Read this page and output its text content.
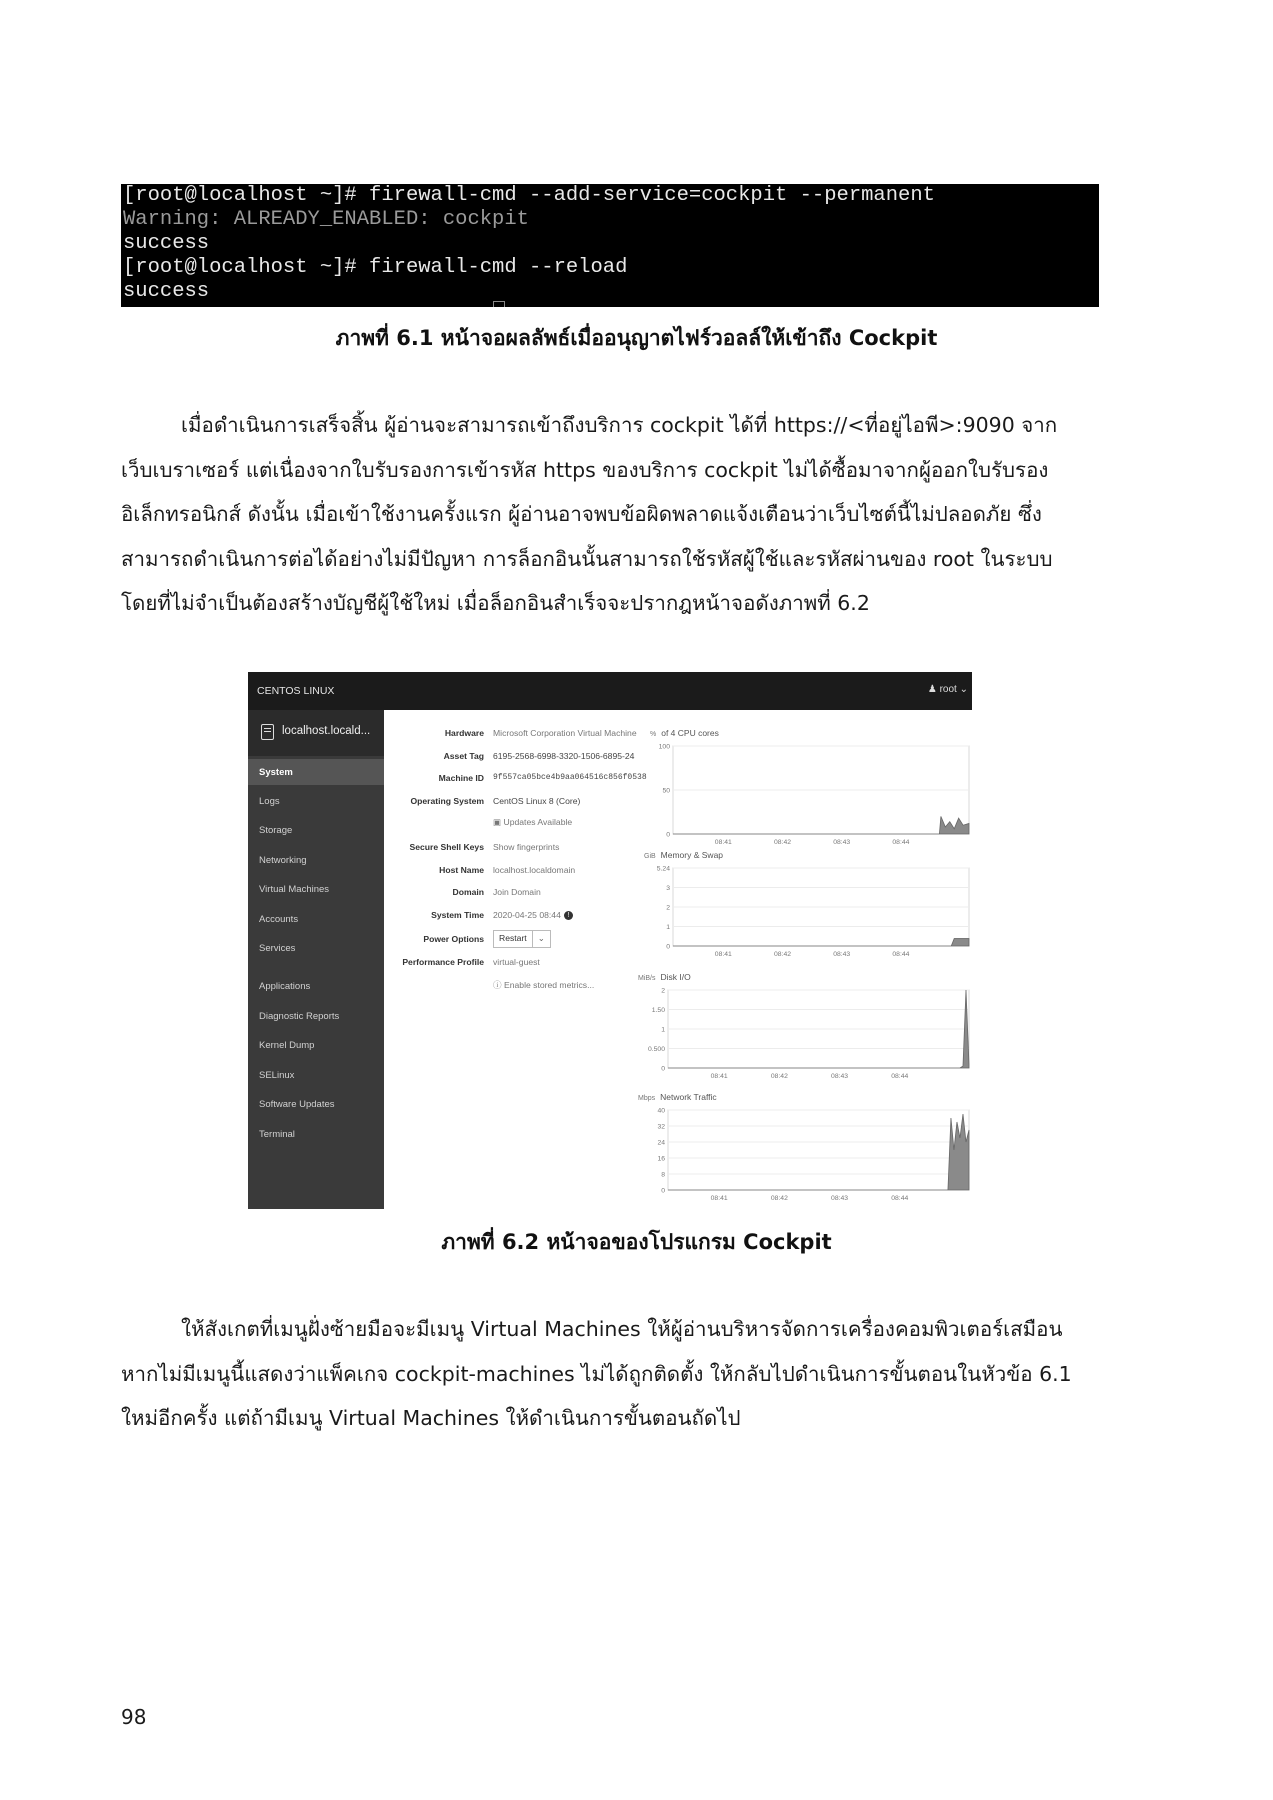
[root@localhost ~]# firewall-cmd --add-service=cockpit --permanent
Warning: ALREADY_ENABLED: cockpit
success
[root@localhost ~]# firewall-cmd --reload
success
ภาพที่ 6.1 หน้าจอผลลัพธ์เมื่ออนุญาตไฟร์วอลล์ให้เข้าถึง Cockpit
เมื่อดำเนินการเสร็จสิ้น ผู้อ่านจะสามารถเข้าถึงบริการ cockpit ได้ที่ https://<ที่อยู่ไอพี>:9090 จาก
เว็บเบราเซอร์ แต่เนื่องจากใบรับรองการเข้ารหัส https ของบริการ cockpit ไม่ได้ซื้อมาจากผู้ออกใบรับรอง
อิเล็กทรอนิกส์ ดังนั้น เมื่อเข้าใช้งานครั้งแรก ผู้อ่านอาจพบข้อผิดพลาดแจ้งเตือนว่าเว็บไซต์นี้ไม่ปลอดภัย ซึ่ง
สามารถดำเนินการต่อได้อย่างไม่มีปัญหา การล็อกอินนั้นสามารถใช้รหัสผู้ใช้และรหัสผ่านของ root ในระบบ
โดยที่ไม่จำเป็นต้องสร้างบัญชีผู้ใช้ใหม่ เมื่อล็อกอินสำเร็จจะปรากฎหน้าจอดังภาพที่ 6.2
CENTOS LINUX	♟ root ⌄
localhost.locald...
System
Logs
Storage
Networking
Virtual Machines
Accounts
Services
Applications
Diagnostic Reports
Kernel Dump
SELinux
Software Updates
Terminal
Hardware Microsoft Corporation Virtual Machine
Asset Tag 6195-2568-6998-3320-1506-6895-24
Machine ID 9f557ca05bce4b9aa064516c856f0538
Operating System CentOS Linux 8 (Core)
▣ Updates Available
Secure Shell Keys Show fingerprints
Host Name localhost.localdomain
Domain Join Domain
System Time 2020-04-25 08:44 !
Power Options	Restart	⌄
Performance Profile virtual-guest
ⓘ Enable stored metrics...
% of 4 CPU cores
100
50
0
08:41	08:42	08:43	08:44
GiB Memory & Swap
5.24
3
2
1
0
08:41	08:42	08:43	08:44
MiB/s Disk I/O
2
1.50
1
0.500
0
08:41	08:42	08:43	08:44
Mbps Network Traffic
40
32
24
16
8
0
08:41	08:42	08:43	08:44
ภาพที่ 6.2 หน้าจอของโปรแกรม Cockpit
ให้สังเกตที่เมนูฝั่งซ้ายมือจะมีเมนู Virtual Machines ให้ผู้อ่านบริหารจัดการเครื่องคอมพิวเตอร์เสมือน
หากไม่มีเมนูนี้แสดงว่าแพ็คเกจ cockpit-machines ไม่ได้ถูกติดตั้ง ให้กลับไปดำเนินการขั้นตอนในหัวข้อ 6.1
ใหม่อีกครั้ง แต่ถ้ามีเมนู Virtual Machines ให้ดำเนินการขั้นตอนถัดไป
98
